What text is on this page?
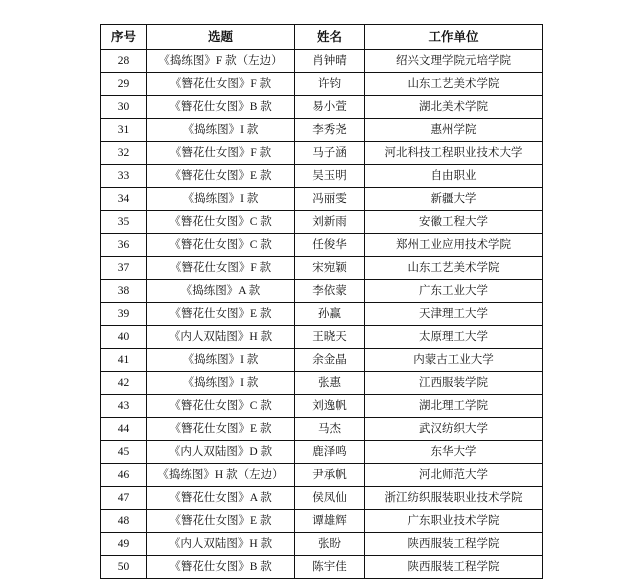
序号	选题	姓名	工作单位
28	《捣练图》F 款（左边）	肖钟晴	绍兴文理学院元培学院
29	《簪花仕女图》F 款	许钧	山东工艺美术学院
30	《簪花仕女图》B 款	易小萱	湖北美术学院
31	《捣练图》I 款	李秀尧	惠州学院
32	《簪花仕女图》F 款	马子涵	河北科技工程职业技术大学
33	《簪花仕女图》E 款	吴玉明	自由职业
34	《捣练图》I 款	冯丽雯	新疆大学
35	《簪花仕女图》C 款	刘新雨	安徽工程大学
36	《簪花仕女图》C 款	任俊华	郑州工业应用技术学院
37	《簪花仕女图》F 款	宋宛颖	山东工艺美术学院
38	《捣练图》A 款	李依蒙	广东工业大学
39	《簪花仕女图》E 款	孙赢	天津理工大学
40	《内人双陆图》H 款	王晓天	太原理工大学
41	《捣练图》I 款	余金晶	内蒙古工业大学
42	《捣练图》I 款	张惠	江西服装学院
43	《簪花仕女图》C 款	刘逸帆	湖北理工学院
44	《簪花仕女图》E 款	马杰	武汉纺织大学
45	《内人双陆图》D 款	鹿泽鸣	东华大学
46	《捣练图》H 款（左边）	尹承帆	河北师范大学
47	《簪花仕女图》A 款	侯凤仙	浙江纺织服装职业技术学院
48	《簪花仕女图》E 款	谭雄辉	广东职业技术学院
49	《内人双陆图》H 款	张盼	陕西服装工程学院
50	《簪花仕女图》B 款	陈宇佳	陕西服装工程学院
